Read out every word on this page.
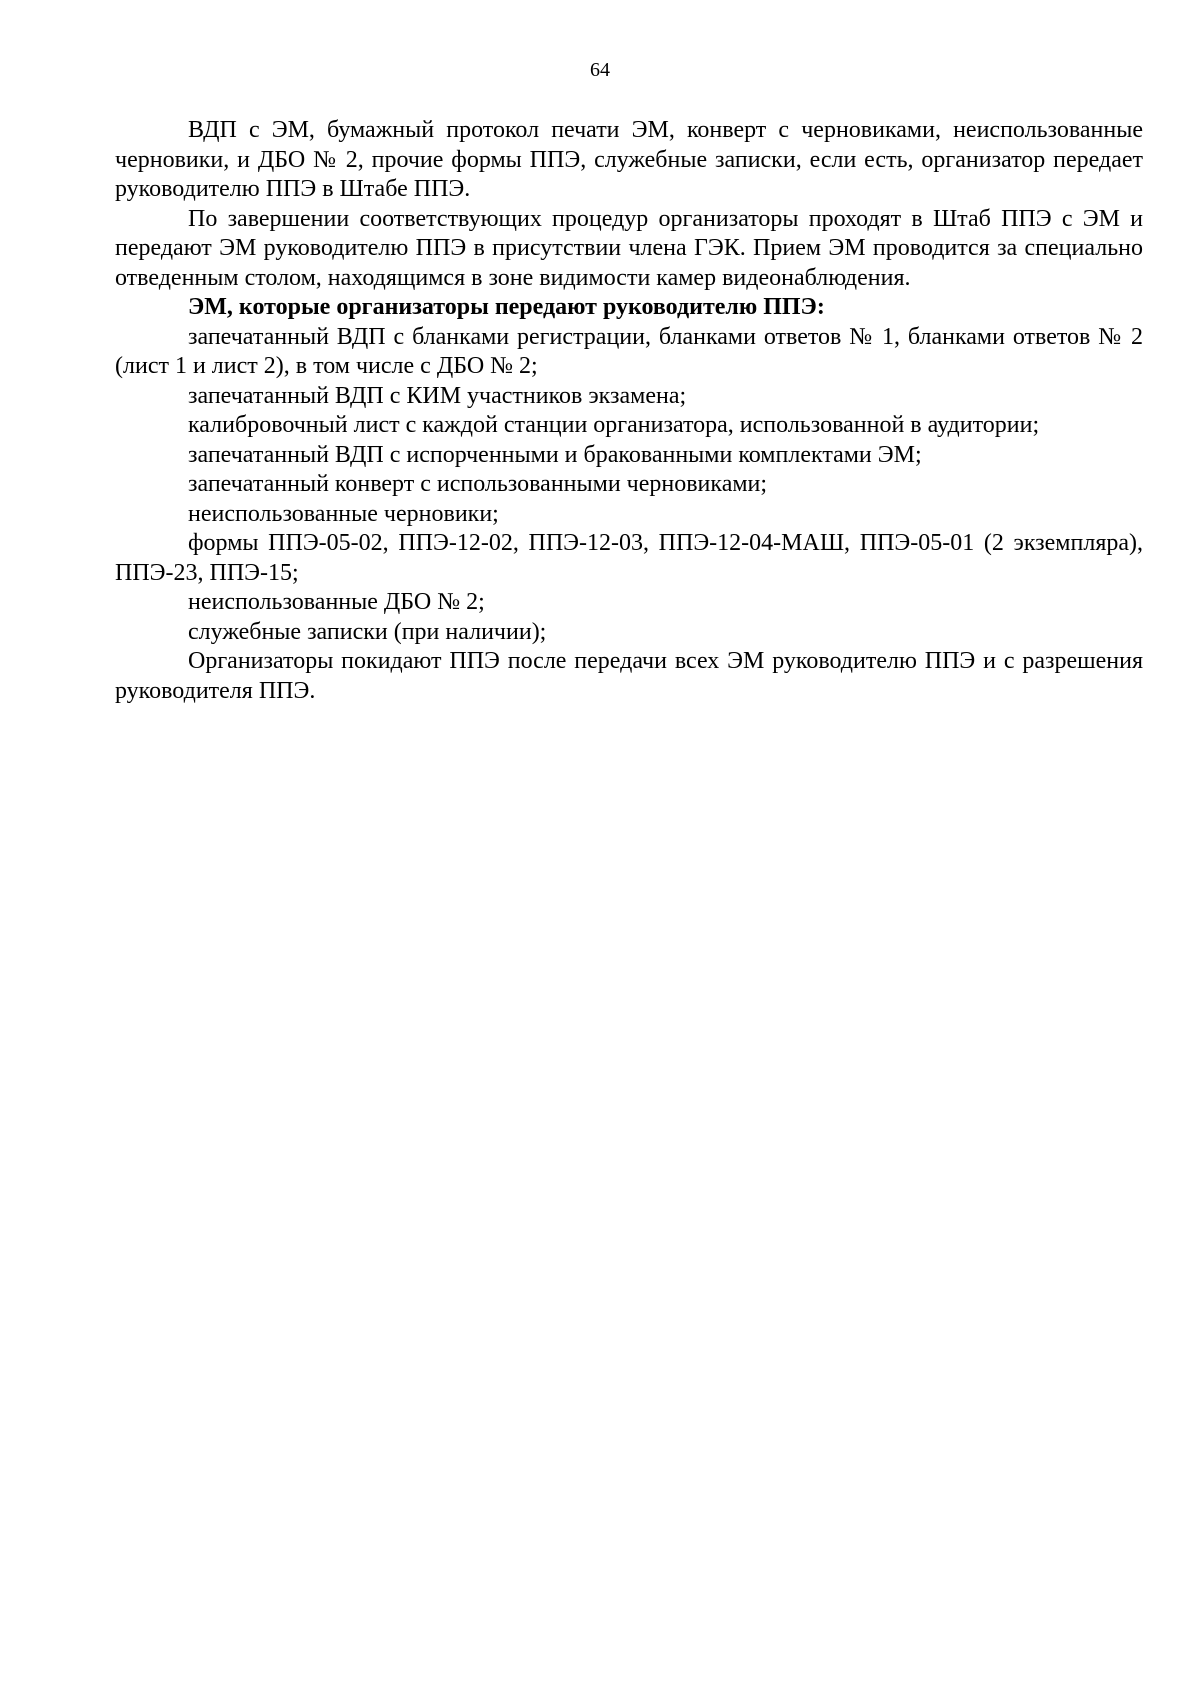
64

ВДП с ЭМ, бумажный протокол печати ЭМ, конверт с черновиками, неиспользованные черновики, и ДБО № 2, прочие формы ППЭ, служебные записки, если есть, организатор передает руководителю ППЭ в Штабе ППЭ.

По завершении соответствующих процедур организаторы проходят в Штаб ППЭ с ЭМ и передают ЭМ руководителю ППЭ в присутствии члена ГЭК. Прием ЭМ проводится за специально отведенным столом, находящимся в зоне видимости камер видеонаблюдения.

ЭМ, которые организаторы передают руководителю ППЭ:

запечатанный ВДП с бланками регистрации, бланками ответов № 1, бланками ответов № 2 (лист 1 и лист 2), в том числе с ДБО № 2;

запечатанный ВДП с КИМ участников экзамена;

калибровочный лист с каждой станции организатора, использованной в аудитории;

запечатанный ВДП с испорченными и бракованными комплектами ЭМ;

запечатанный конверт с использованными черновиками;

неиспользованные черновики;

формы ППЭ-05-02, ППЭ-12-02, ППЭ-12-03, ППЭ-12-04-МАШ, ППЭ-05-01 (2 экземпляра), ППЭ-23, ППЭ-15;

неиспользованные ДБО № 2;

служебные записки (при наличии);

Организаторы покидают ППЭ после передачи всех ЭМ руководителю ППЭ и с разрешения руководителя ППЭ.
